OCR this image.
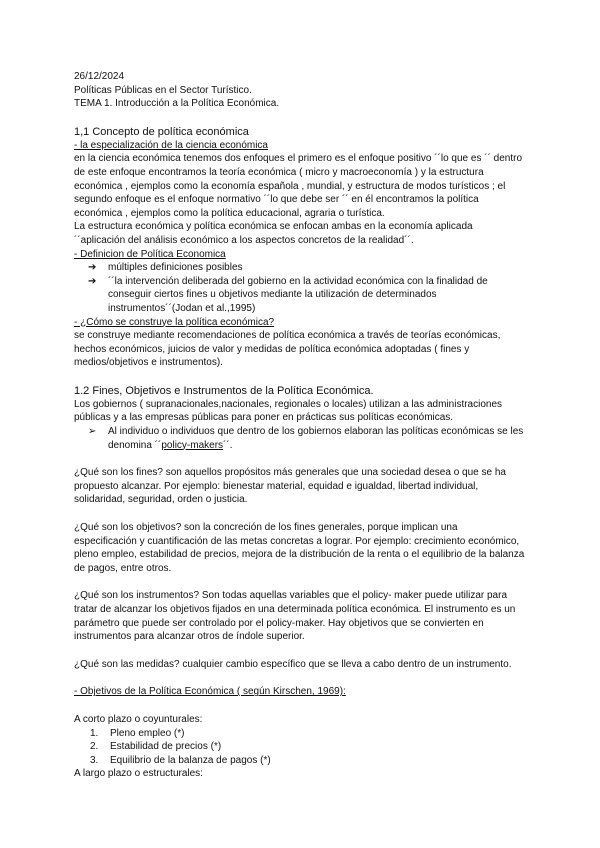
26/12/2024
Políticas Públicas en el Sector Turístico.
TEMA 1. Introducción a la Política Económica.
1,1 Concepto de política económica
- la especialización de la ciencia económica
en la ciencia económica tenemos dos enfoques el primero es el enfoque positivo ´´lo que es ´´ dentro
de este enfoque encontramos la teoría económica ( micro y macroeconomía ) y la estructura
económica , ejemplos como la economía española , mundial, y estructura de modos turísticos ; el
segundo enfoque es el enfoque normativo ´´lo que debe ser ´´ en él encontramos la política
económica , ejemplos como la política educacional, agraria o turística.
La estructura económica y política económica se enfocan ambas en la economía aplicada
´´aplicación del análisis económico a los aspectos concretos de la realidad´´.
- Definicion de Política Economica
➔	múltiples definiciones posibles
➔	´´la intervención deliberada del gobierno en la actividad económica con la finalidad de
conseguir ciertos fines u objetivos mediante la utilización de determinados
instrumentos´´(Jodan et al.,1995)
- ¿Cómo se construye la política económica?
se construye mediante recomendaciones de política económica a través de teorías económicas,
hechos económicos, juicios de valor y medidas de política económica adoptadas ( fines y
medios/objetivos e instrumentos).
1.2 Fines, Objetivos e Instrumentos de la Política Económica.
Los gobiernos ( supranacionales,nacionales, regionales o locales) utilizan a las administraciones
públicas y a las empresas públicas para poner en prácticas sus políticas económicas.
➢	Al individuo o individuos que dentro de los gobiernos elaboran las políticas económicas se les
denomina ´´policy-makers´´.
¿Qué son los fines? son aquellos propósitos más generales que una sociedad desea o que se ha
propuesto alcanzar. Por ejemplo: bienestar material, equidad e igualdad, libertad individual,
solidaridad, seguridad, orden o justicia.
¿Qué son los objetivos? son la concreción de los fines generales, porque implican una
especificación y cuantificación de las metas concretas a lograr. Por ejemplo: crecimiento económico,
pleno empleo, estabilidad de precios, mejora de la distribución de la renta o el equilibrio de la balanza
de pagos, entre otros.
¿Qué son los instrumentos? Son todas aquellas variables que el policy- maker puede utilizar para
tratar de alcanzar los objetivos fijados en una determinada política económica. El instrumento es un
parámetro que puede ser controlado por el policy-maker. Hay objetivos que se convierten en
instrumentos para alcanzar otros de índole superior.
¿Qué son las medidas? cualquier cambio específico que se lleva a cabo dentro de un instrumento.
- Objetivos de la Política Económica ( según Kirschen, 1969):
A corto plazo o coyunturales:
1.	Pleno empleo (*)
2.	Estabilidad de precios (*)
3.	Equilibrio de la balanza de pagos (*)
A largo plazo o estructurales:
